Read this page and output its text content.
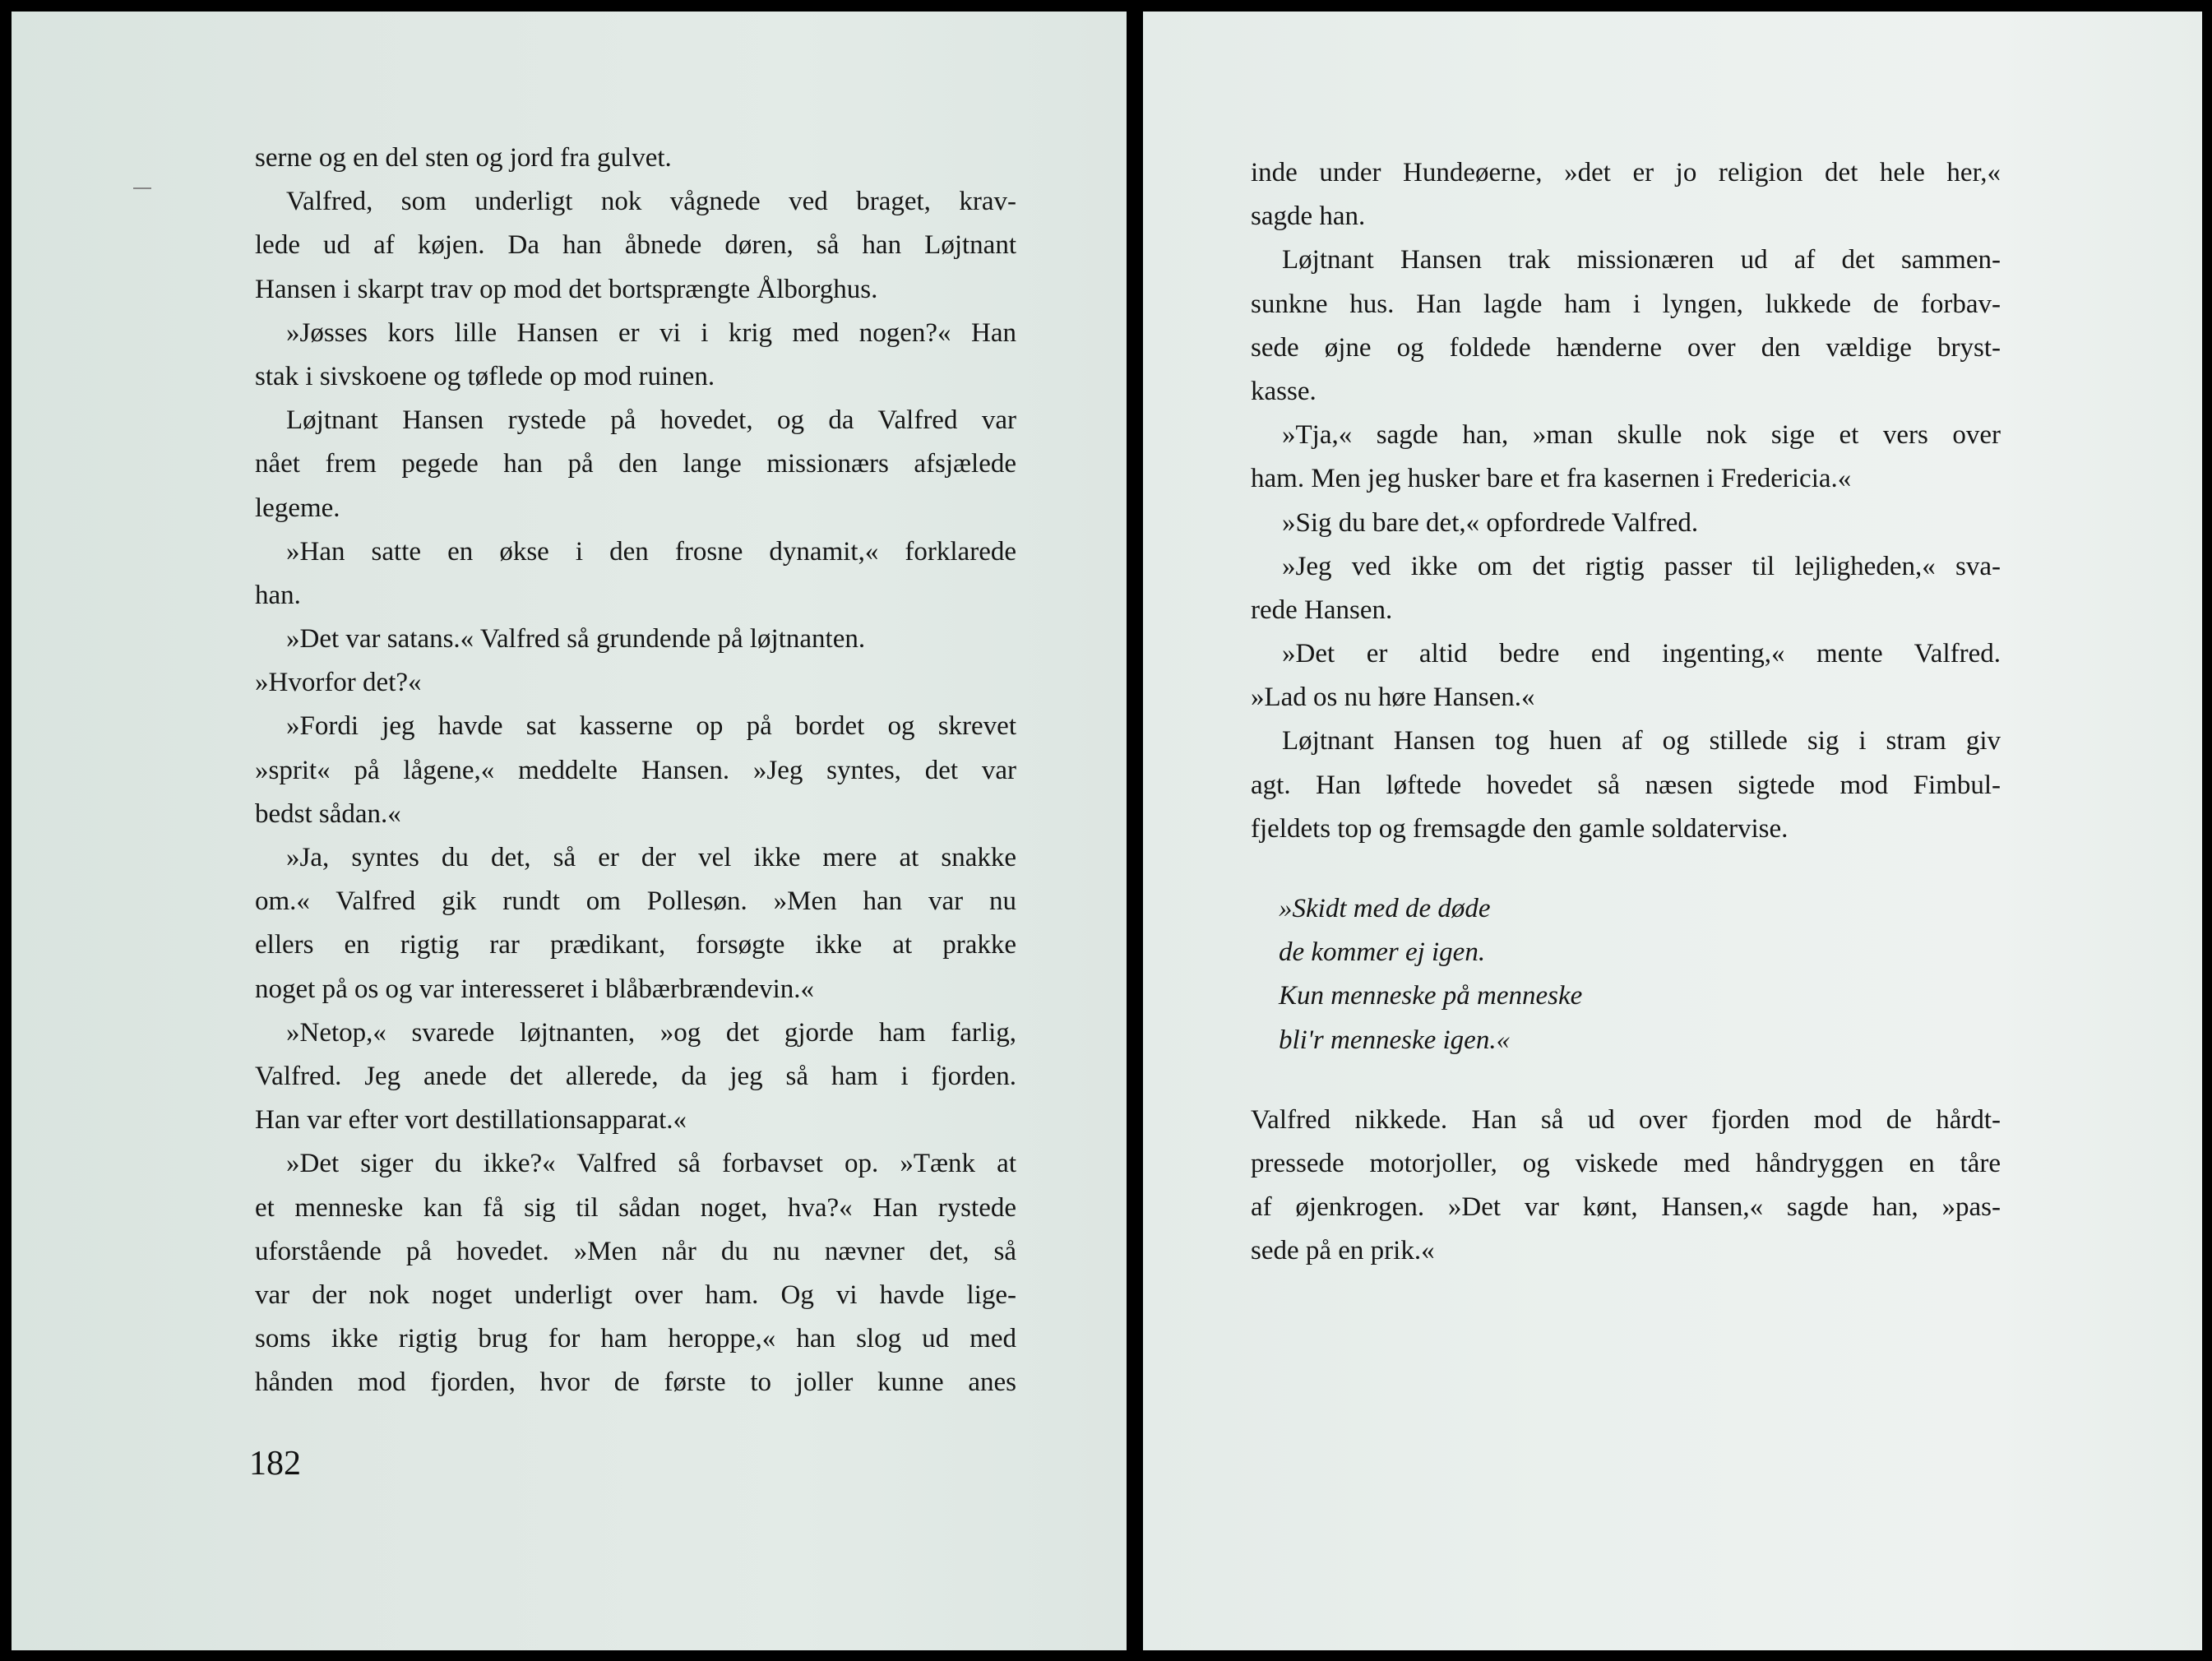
serne og en del sten og jord fra gulvet.
Valfred, som underligt nok vågnede ved braget, krav-
lede ud af køjen. Da han åbnede døren, så han Løjtnant
Hansen i skarpt trav op mod det bortsprængte Ålborghus.
»Jøsses kors lille Hansen er vi i krig med nogen?« Han
stak i sivskoene og tøflede op mod ruinen.
Løjtnant Hansen rystede på hovedet, og da Valfred var
nået frem pegede han på den lange missionærs afsjælede
legeme.
»Han satte en økse i den frosne dynamit,« forklarede
han.
»Det var satans.« Valfred så grundende på løjtnanten.
»Hvorfor det?«
»Fordi jeg havde sat kasserne op på bordet og skrevet
»sprit« på lågene,« meddelte Hansen. »Jeg syntes, det var
bedst sådan.«
»Ja, syntes du det, så er der vel ikke mere at snakke
om.« Valfred gik rundt om Pollesøn. »Men han var nu
ellers en rigtig rar prædikant, forsøgte ikke at prakke
noget på os og var interesseret i blåbærbrændevin.«
»Netop,« svarede løjtnanten, »og det gjorde ham farlig,
Valfred. Jeg anede det allerede, da jeg så ham i fjorden.
Han var efter vort destillationsapparat.«
»Det siger du ikke?« Valfred så forbavset op. »Tænk at
et menneske kan få sig til sådan noget, hva?« Han rystede
uforstående på hovedet. »Men når du nu nævner det, så
var der nok noget underligt over ham. Og vi havde lige-
soms ikke rigtig brug for ham heroppe,« han slog ud med
hånden mod fjorden, hvor de første to joller kunne anes
182
inde under Hundeøerne, »det er jo religion det hele her,«
sagde han.
Løjtnant Hansen trak missionæren ud af det sammen-
sunkne hus. Han lagde ham i lyngen, lukkede de forbav-
sede øjne og foldede hænderne over den vældige bryst-
kasse.
»Tja,« sagde han, »man skulle nok sige et vers over
ham. Men jeg husker bare et fra kasernen i Fredericia.«
»Sig du bare det,« opfordrede Valfred.
»Jeg ved ikke om det rigtig passer til lejligheden,« sva-
rede Hansen.
»Det er altid bedre end ingenting,« mente Valfred.
»Lad os nu høre Hansen.«
Løjtnant Hansen tog huen af og stillede sig i stram giv
agt. Han løftede hovedet så næsen sigtede mod Fimbul-
fjeldets top og fremsagde den gamle soldatervise.
»Skidt med de døde
de kommer ej igen.
Kun menneske på menneske
bli'r menneske igen.«
Valfred nikkede. Han så ud over fjorden mod de hårdt-
pressede motorjoller, og viskede med håndryggen en tåre
af øjenkrogen. »Det var kønt, Hansen,« sagde han, »pas-
sede på en prik.«
